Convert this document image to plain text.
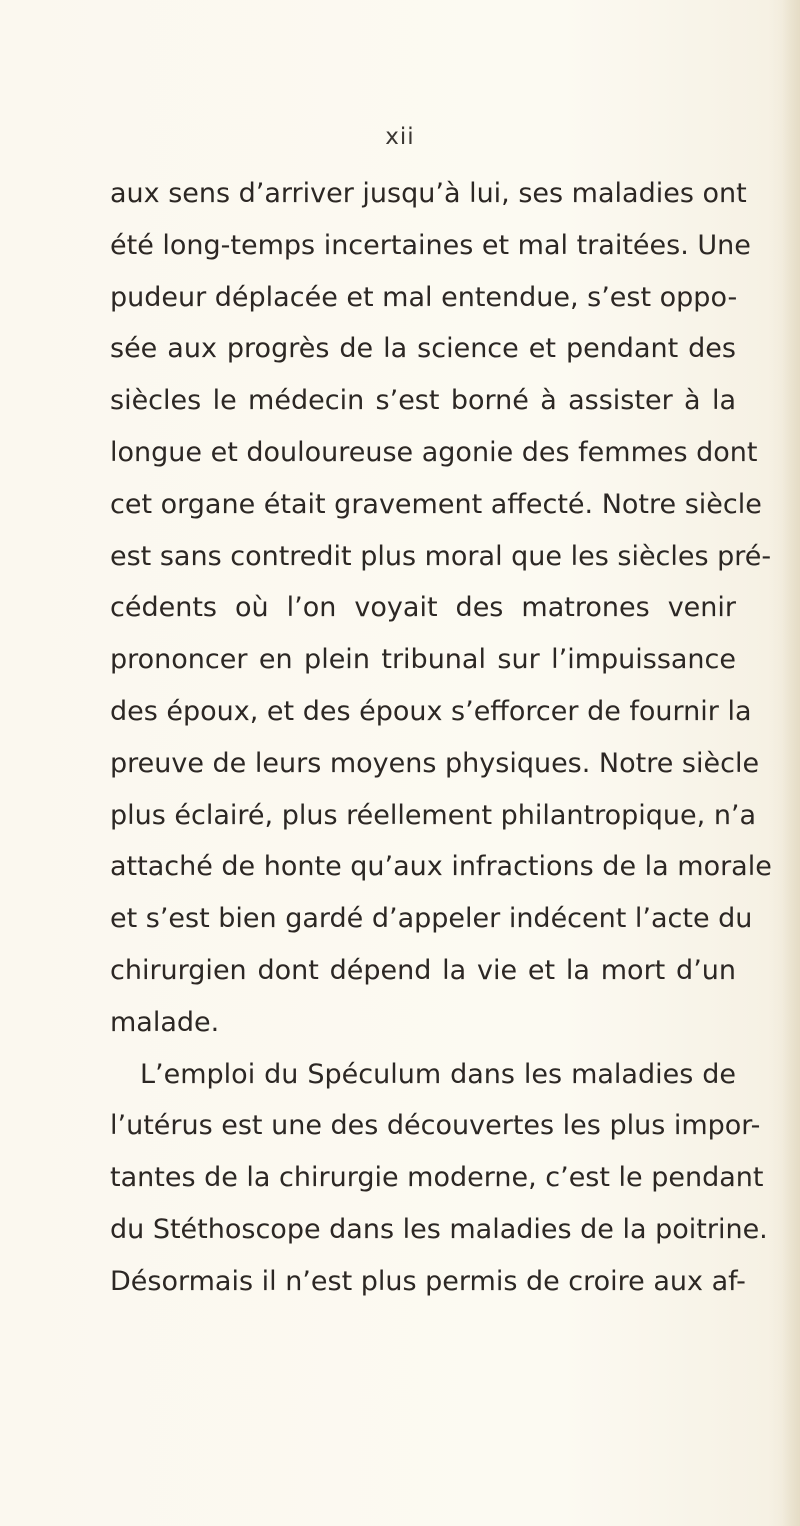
xii
aux sens d’arriver jusqu’à lui, ses maladies ont
été long-temps incertaines et mal traitées. Une
pudeur déplacée et mal entendue, s’est oppo-
sée aux progrès de la science et pendant des
siècles le médecin s’est borné à assister à la
longue et douloureuse agonie des femmes dont
cet organe était gravement affecté. Notre siècle
est sans contredit plus moral que les siècles pré-
cédents où l’on voyait des matrones venir
prononcer en plein tribunal sur l’impuissance
des époux, et des époux s’efforcer de fournir la
preuve de leurs moyens physiques. Notre siècle
plus éclairé, plus réellement philantropique, n’a
attaché de honte qu’aux infractions de la morale
et s’est bien gardé d’appeler indécent l’acte du
chirurgien dont dépend la vie et la mort d’un
malade.
L’emploi du Spéculum dans les maladies de
l’utérus est une des découvertes les plus impor-
tantes de la chirurgie moderne, c’est le pendant
du Stéthoscope dans les maladies de la poitrine.
Désormais il n’est plus permis de croire aux af-
